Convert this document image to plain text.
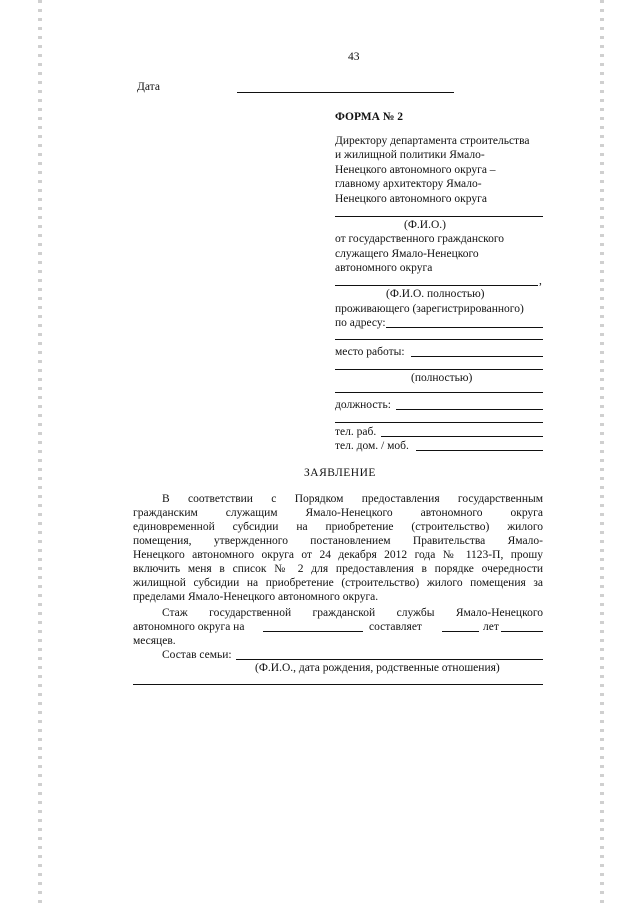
43
Дата
ФОРМА № 2
Директору департамента строительства
и жилищной политики Ямало-
Ненецкого автономного округа –
главному архитектору Ямало-
Ненецкого автономного округа
(Ф.И.О.)
от государственного гражданского
служащего Ямало-Ненецкого
автономного округа
,
(Ф.И.О. полностью)
проживающего (зарегистрированного)
по адресу:
место работы:
(полностью)
должность:
тел. раб.
тел. дом. / моб.
ЗАЯВЛЕНИЕ
В соответствии с Порядком предоставления государственным
гражданским служащим Ямало-Ненецкого автономного округа
единовременной субсидии на приобретение (строительство) жилого
помещения, утвержденного постановлением Правительства Ямало-
Ненецкого автономного округа от 24 декабря 2012 года № 1123-П, прошу
включить меня в список № 2 для предоставления в порядке очередности
жилищной субсидии на приобретение (строительство) жилого помещения за
пределами Ямало-Ненецкого автономного округа.
Стаж государственной гражданской службы Ямало-Ненецкого
автономного округа на	составляет	лет
месяцев.
Состав семьи:
(Ф.И.О., дата рождения, родственные отношения)
